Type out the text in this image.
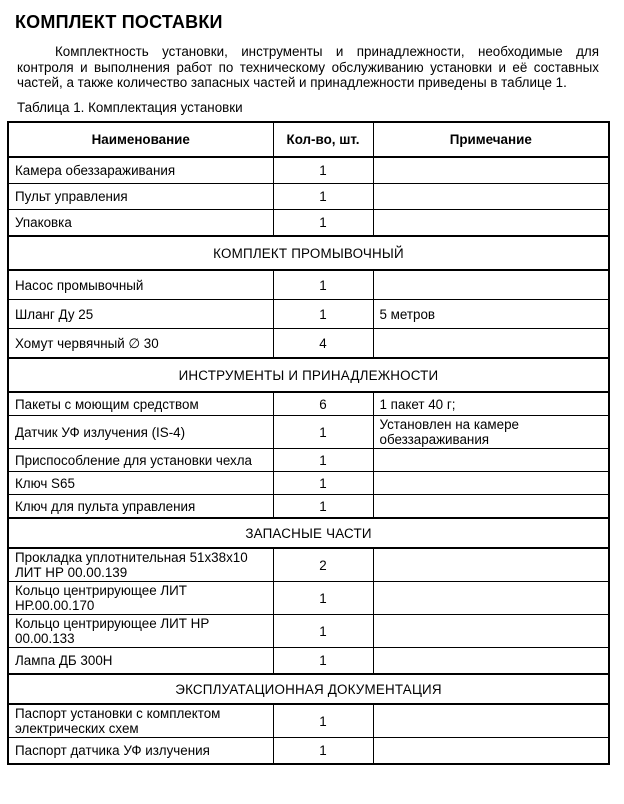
КОМПЛЕКТ ПОСТАВКИ
Комплектность установки, инструменты и принадлежности, необходимые для контроля и выполнения работ по техническому обслуживанию установки и её составных частей, а также количество запасных частей и принадлежности приведены в таблице 1.
Таблица 1. Комплектация установки
Наименование	Кол-во, шт.	Примечание
Камера обеззараживания	1	
Пульт управления	1	
Упаковка	1	
КОМПЛЕКТ ПРОМЫВОЧНЫЙ		
Насос промывочный	1	
Шланг Ду 25	1	5 метров
Хомут червячный ∅ 30	4	
ИНСТРУМЕНТЫ И ПРИНАДЛЕЖНОСТИ		
Пакеты с моющим средством	6	1 пакет 40 г;
Датчик УФ излучения (IS-4)	1	Установлен на камере обеззараживания
Приспособление для установки чехла	1	
Ключ S65	1	
Ключ для пульта управления	1	
ЗАПАСНЫЕ ЧАСТИ		
Прокладка уплотнительная 51х38х10 ЛИТ НР 00.00.139	2	
Кольцо центрирующее ЛИТ НР.00.00.170	1	
Кольцо центрирующее ЛИТ НР 00.00.133	1	
Лампа ДБ 300Н	1	
ЭКСПЛУАТАЦИОННАЯ ДОКУМЕНТАЦИЯ		
Паспорт установки с комплектом электрических схем	1	
Паспорт датчика УФ излучения	1	
